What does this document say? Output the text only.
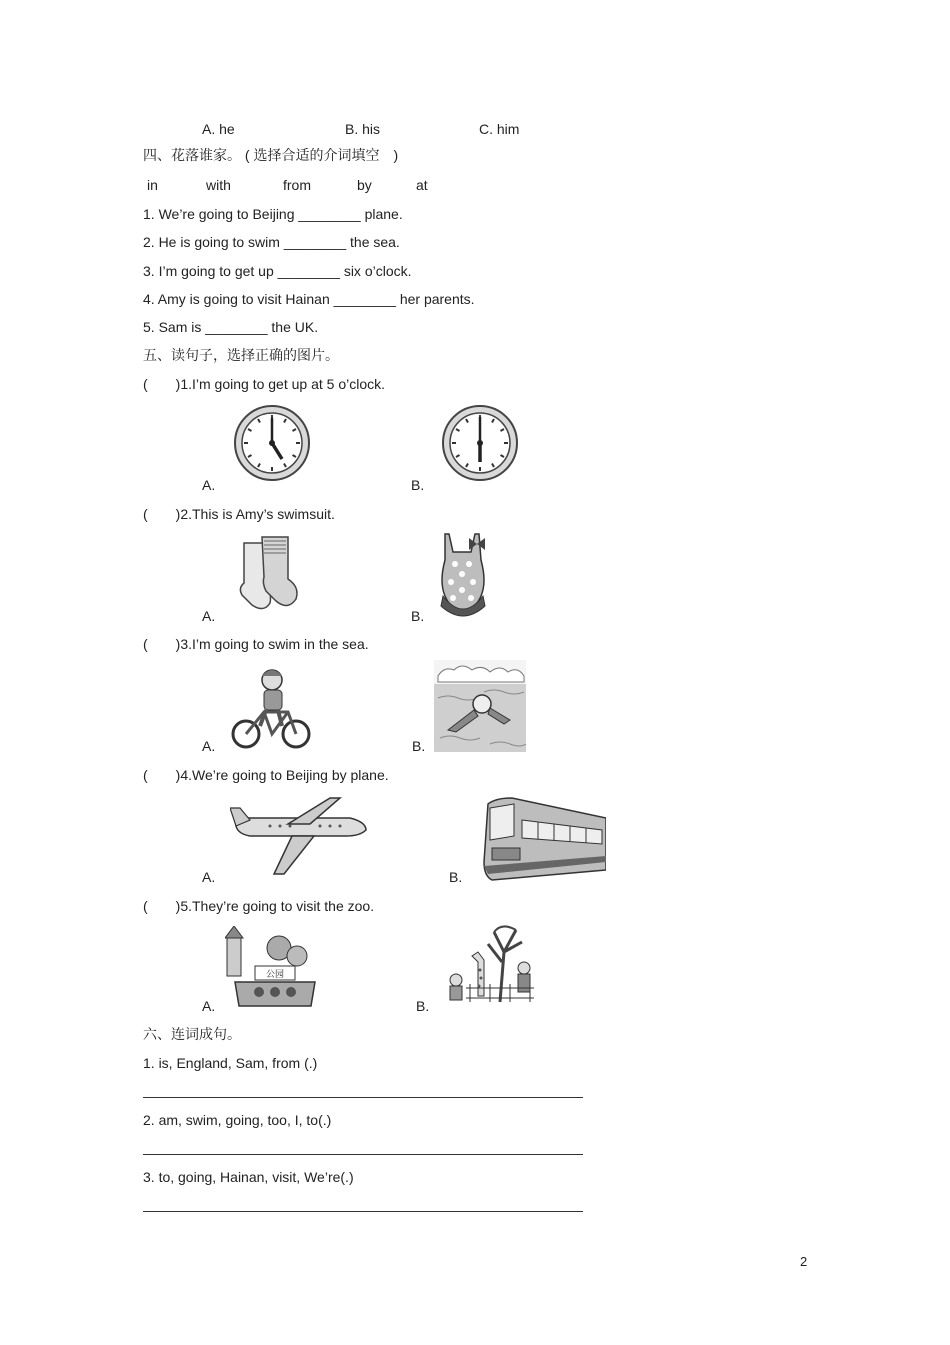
A. he	B. his	C. him
四、花落谁家。 ( 选择合适的介词填空　)
in	with	from	by	at
1. We’re going to Beijing ________ plane.
2. He is going to swim ________ the sea.
3. I’m going to get up ________ six o’clock.
4. Amy is going to visit Hainan ________ her parents.
5. Sam is ________ the UK.
五、读句子，选择正确的图片。
(　　)1.I’m going to get up at 5 o’clock.
A.	B.
(　　)2.This is Amy’s swimsuit.
A.	B.
(　　)3.I’m going to swim in the sea.
A.	B.
(　　)4.We’re going to Beijing by plane.
A.	B.
(　　)5.They’re going to visit the zoo.
公园
A.	B.
六、连词成句。
1. is, England, Sam, from (.)
2. am, swim, going, too, I, to(.)
3. to, going, Hainan, visit, We’re(.)
2
